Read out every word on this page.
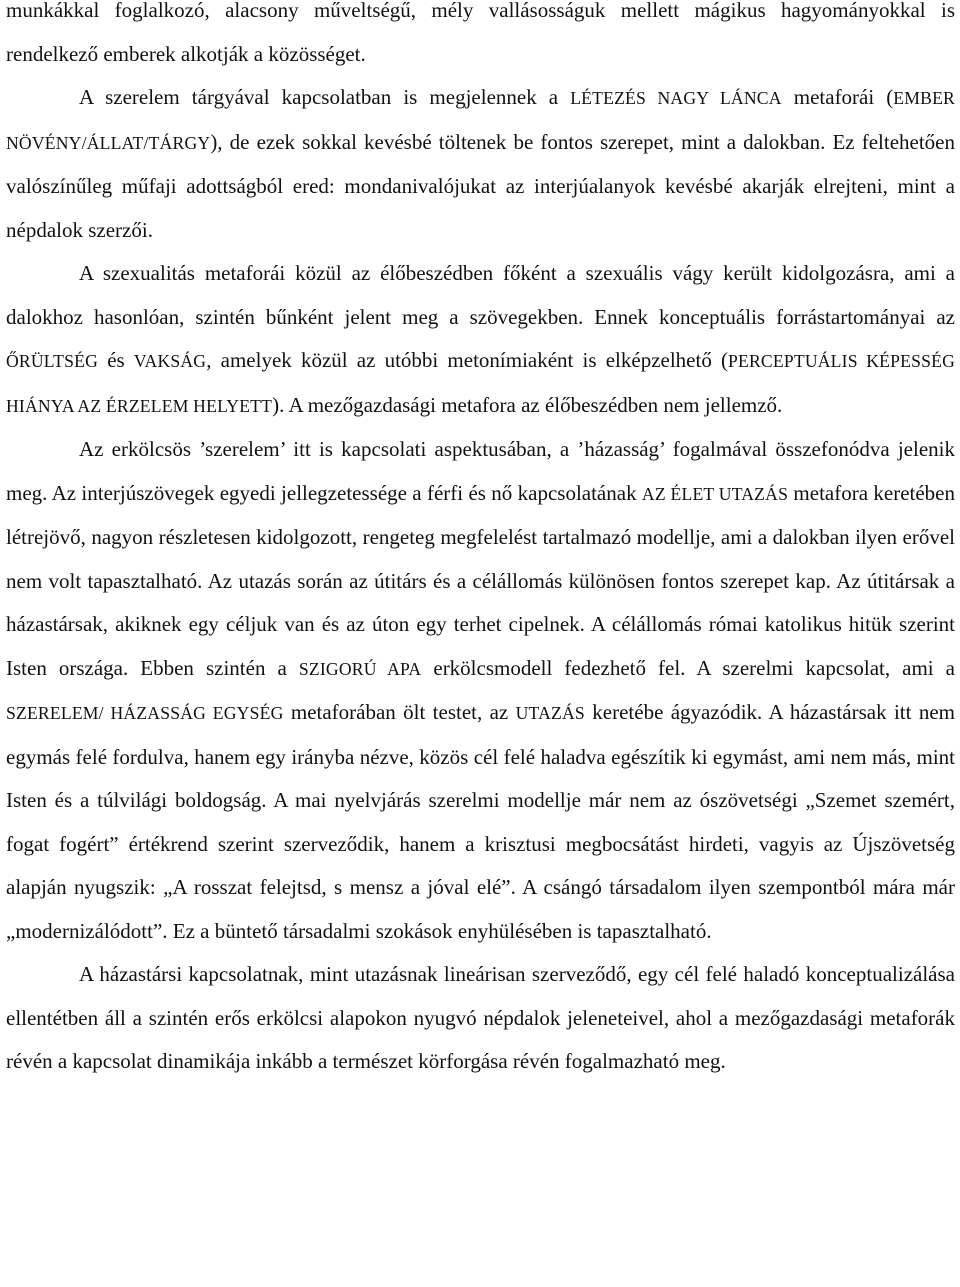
munkákkal foglalkozó, alacsony műveltségű, mély vallásosságuk mellett mágikus hagyományokkal is rendelkező emberek alkotják a közösséget.

A szerelem tárgyával kapcsolatban is megjelennek a LÉTEZÉS NAGY LÁNCA metaforái (EMBER NÖVÉNY/ÁLLAT/TÁRGY), de ezek sokkal kevésbé töltenek be fontos szerepet, mint a dalokban. Ez feltehetően valószínűleg műfaji adottságból ered: mondanivalójukat az interjúalanyok kevésbé akarják elrejteni, mint a népdalok szerzői.

A szexualitás metaforái közül az élőbeszédben főként a szexuális vágy került kidolgozásra, ami a dalokhoz hasonlóan, szintén bűnként jelent meg a szövegekben. Ennek konceptuális forrástartományai az ŐRÜLTSÉG és VAKSÁG, amelyek közül az utóbbi metonímiaként is elképzelhető (PERCEPTUÁLIS KÉPESSÉG HIÁNYA AZ ÉRZELEM HELYETT). A mezőgazdasági metafora az élőbeszédben nem jellemző.

Az erkölcsös ’szerelem’ itt is kapcsolati aspektusában, a ’házasság’ fogalmával összefonódva jelenik meg. Az interjúszövegek egyedi jellegzetessége a férfi és nő kapcsolatának AZ ÉLET UTAZÁS metafora keretében létrejövő, nagyon részletesen kidolgozott, rengeteg megfelelést tartalmazó modellje, ami a dalokban ilyen erővel nem volt tapasztalható. Az utazás során az útitárs és a célállomás különösen fontos szerepet kap. Az útitársak a házastársak, akiknek egy céljuk van és az úton egy terhet cipelnek. A célállomás római katolikus hitük szerint Isten országa. Ebben szintén a SZIGORÚ APA erkölcsmodell fedezhető fel. A szerelmi kapcsolat, ami a SZERELEM/ HÁZASSÁG EGYSÉG metaforában ölt testet, az UTAZÁS keretébe ágyazódik. A házastársak itt nem egymás felé fordulva, hanem egy irányba nézve, közös cél felé haladva egészítik ki egymást, ami nem más, mint Isten és a túlvilági boldogság. A mai nyelvjárás szerelmi modellje már nem az ószövetségi „Szemet szemért, fogat fogért” értékrend szerint szerveződik, hanem a krisztusi megbocsátást hirdeti, vagyis az Újszövetség alapján nyugszik: „A rosszat felejtsd, s mensz a jóval elé”. A csángó társadalom ilyen szempontból mára már „modernizálódott”. Ez a büntető társadalmi szokások enyhülésében is tapasztalható.

A házastársi kapcsolatnak, mint utazásnak lineárisan szerveződő, egy cél felé haladó konceptualizálása ellentétben áll a szintén erős erkölcsi alapokon nyugvó népdalok jeleneteivel, ahol a mezőgazdasági metaforák révén a kapcsolat dinamikája inkább a természet körforgása révén fogalmazható meg.
